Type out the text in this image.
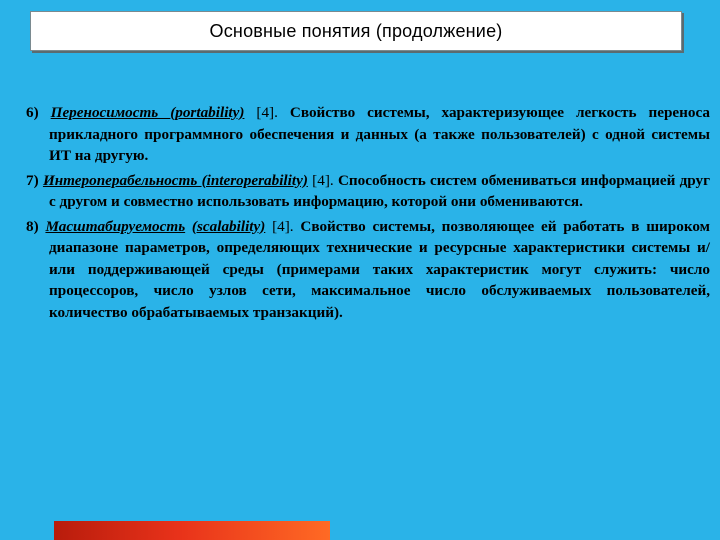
Основные понятия (продолжение)

6) Переносимость (portability) [4]. Свойство системы, характеризующее легкость переноса прикладного программного обеспечения и данных (а также пользователей) с одной системы ИТ на другую.

7) Интероперабельность (interoperability) [4]. Способность систем обмениваться информацией друг с другом и совместно использовать информацию, которой они обмениваются.

8) Масштабируемость (scalability) [4]. Свойство системы, позволяющее ей работать в широком диапазоне параметров, определяющих технические и ресурсные характеристики системы и/или поддерживающей среды (примерами таких характеристик могут служить: число процессоров, число узлов сети, максимальное число обслуживаемых пользователей, количество обрабатываемых транзакций).
